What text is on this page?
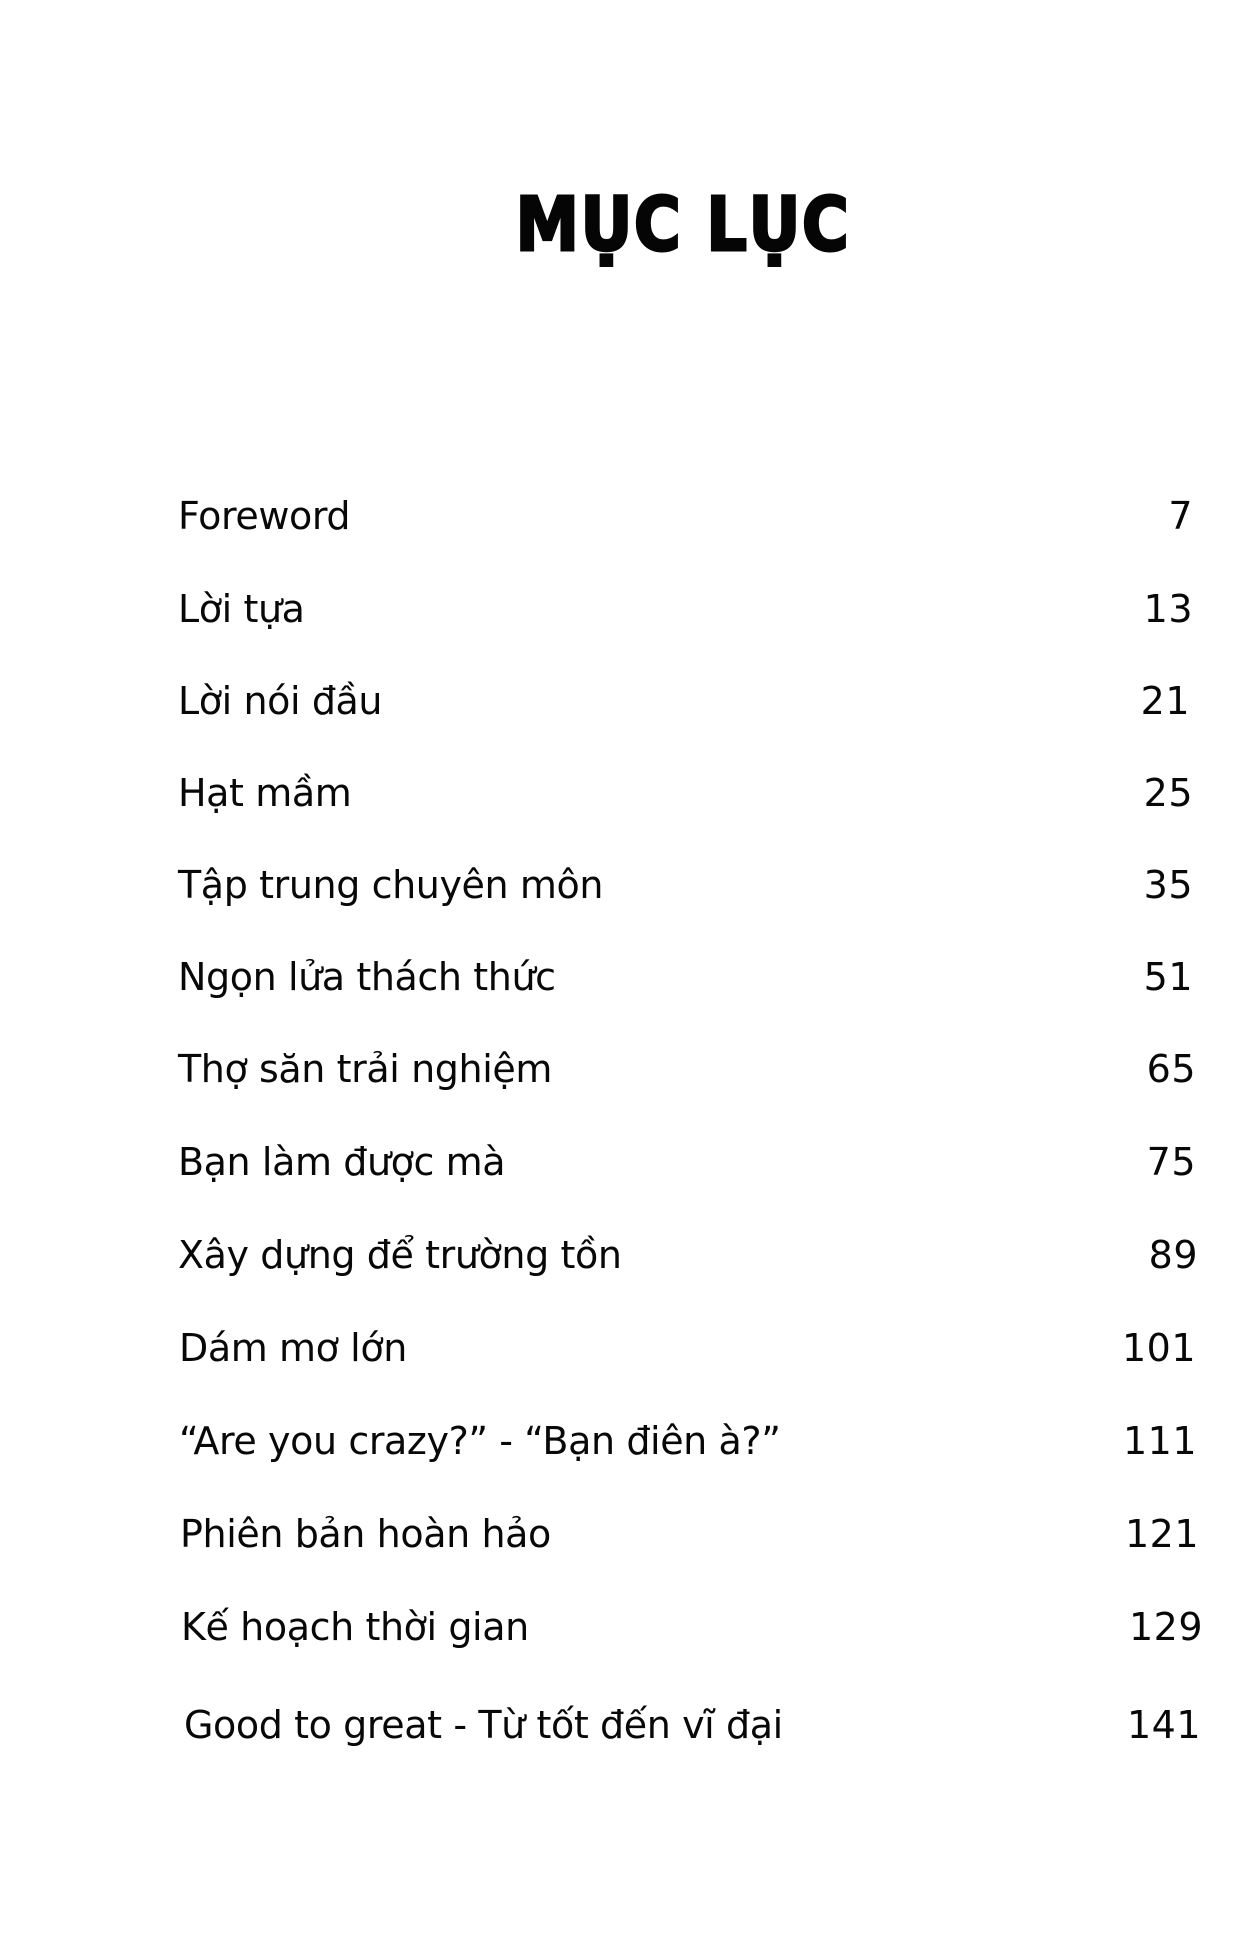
MỤC LỤC
Foreword	7
Lời tựa	13
Lời nói đầu	21
Hạt mầm	25
Tập trung chuyên môn	35
Ngọn lửa thách thức	51
Thợ săn trải nghiệm	65
Bạn làm được mà	75
Xây dựng để trường tồn	89
Dám mơ lớn	101
“Are you crazy?” - “Bạn điên à?”	111
Phiên bản hoàn hảo	121
Kế hoạch thời gian	129
Good to great - Từ tốt đến vĩ đại	141
